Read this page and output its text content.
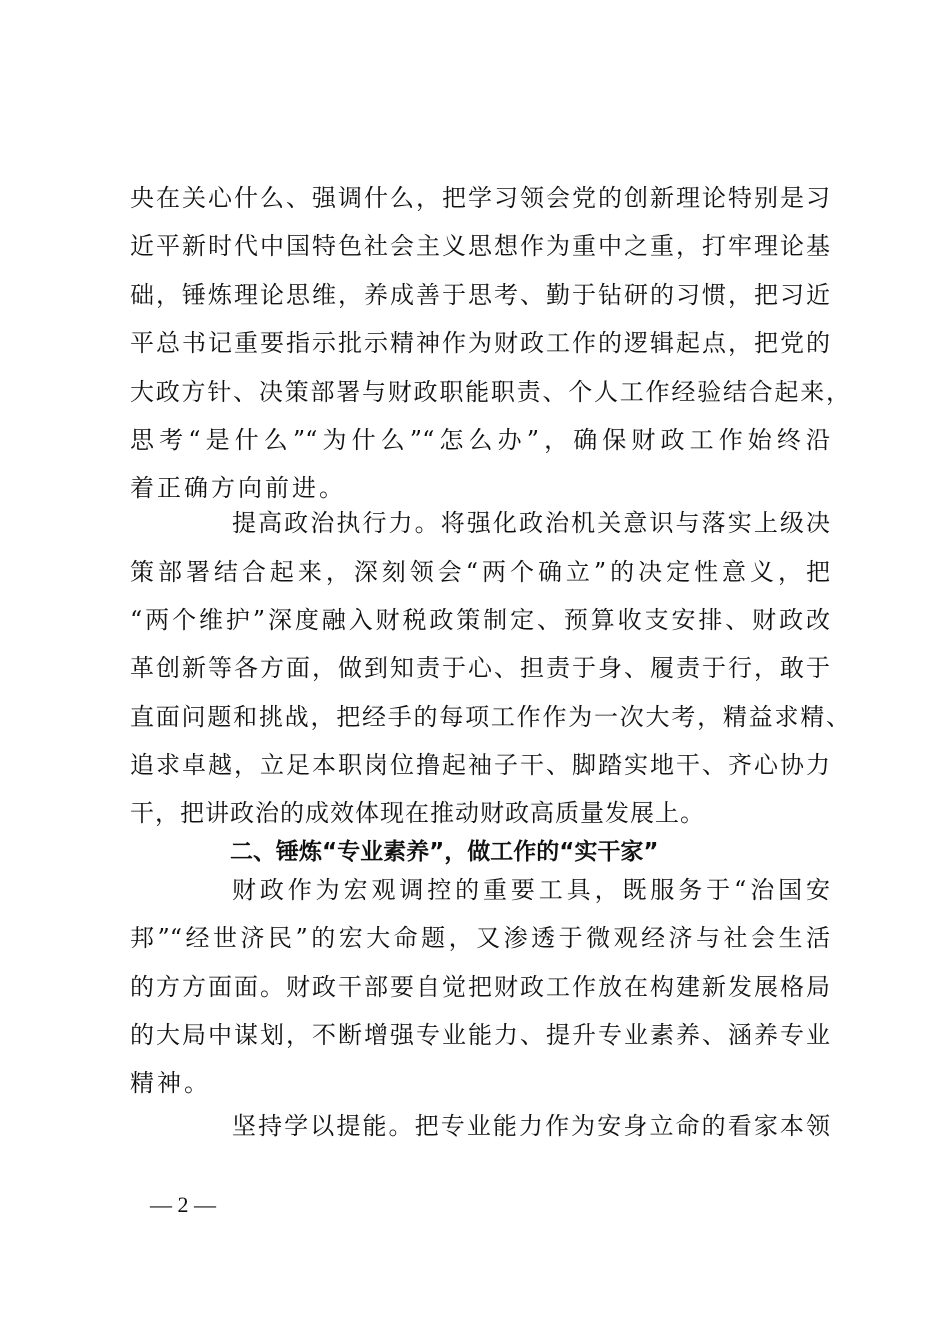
央在关心什么、强调什么，把学习领会党的创新理论特别是习
近平新时代中国特色社会主义思想作为重中之重，打牢理论基
础，锤炼理论思维，养成善于思考、勤于钻研的习惯，把习近
平总书记重要指示批示精神作为财政工作的逻辑起点，把党的
大政方针、决策部署与财政职能职责、个人工作经验结合起来，
思考“是什么”“为什么”“怎么办”，确保财政工作始终沿
着正确方向前进。
提高政治执行力。将强化政治机关意识与落实上级决
策部署结合起来，深刻领会“两个确立”的决定性意义，把
“两个维护”深度融入财税政策制定、预算收支安排、财政改
革创新等各方面，做到知责于心、担责于身、履责于行，敢于
直面问题和挑战，把经手的每项工作作为一次大考，精益求精、
追求卓越，立足本职岗位撸起袖子干、脚踏实地干、齐心协力
干，把讲政治的成效体现在推动财政高质量发展上。
二、锤炼“专业素养”，做工作的“实干家”
财政作为宏观调控的重要工具，既服务于“治国安
邦”“经世济民”的宏大命题，又渗透于微观经济与社会生活
的方方面面。财政干部要自觉把财政工作放在构建新发展格局
的大局中谋划，不断增强专业能力、提升专业素养、涵养专业
精神。
坚持学以提能。把专业能力作为安身立命的看家本领
— 2 —
